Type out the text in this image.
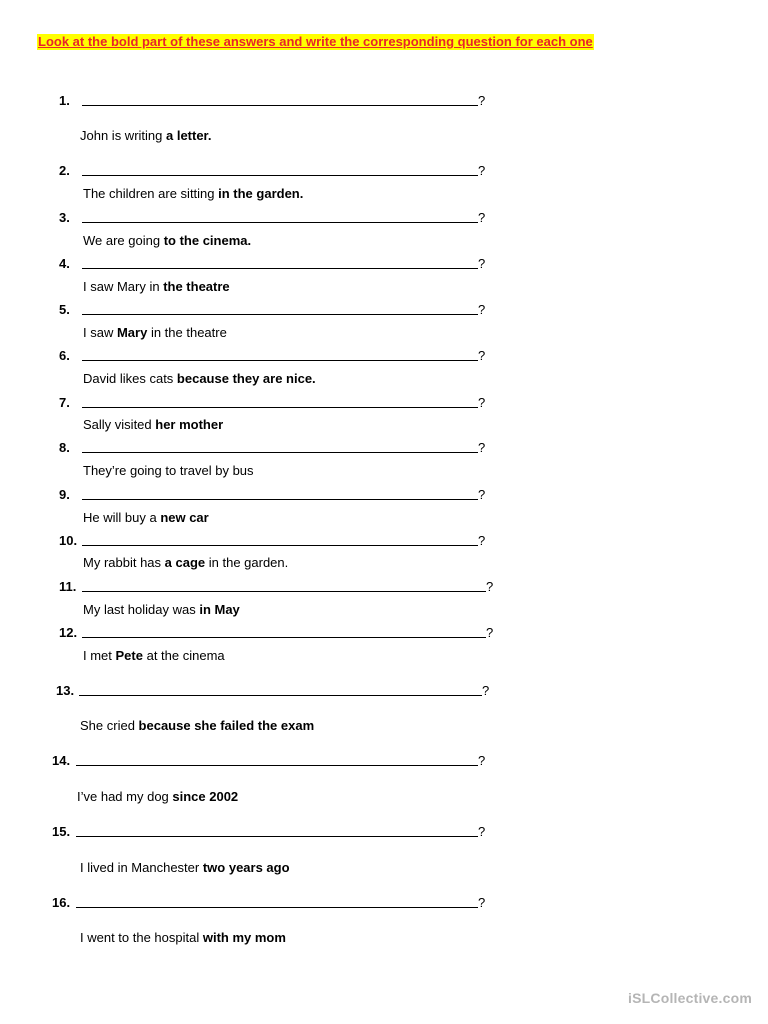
Look at the bold part of these answers and write the corresponding question for each one
1.	?
John is writing a letter.
2.	?
The children are sitting in the garden.
3.	?
We are going to the cinema.
4.	?
I saw Mary in the theatre
5.	?
I saw Mary in the theatre
6.	?
David likes cats because they are nice.
7.	?
Sally visited her mother
8.	?
They’re going to travel by bus
9.	?
He will buy a new car
10.	?
My rabbit has a cage in the garden.
11.	?
My last holiday was in May
12.	?
I met Pete at the cinema
13.	?
She cried because she failed the exam
14.	?
I’ve had my dog since 2002
15.	?
I lived in Manchester two years ago
16.	?
I went to the hospital with my mom
iSLCollective.com
